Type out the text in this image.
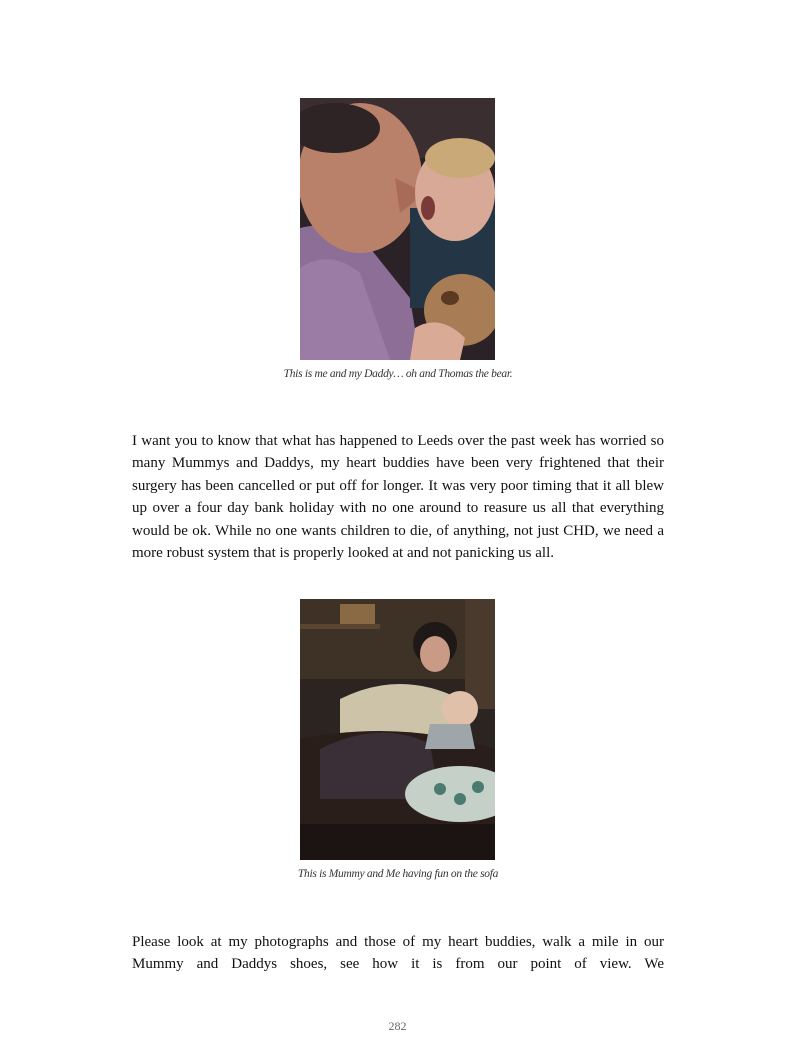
This is me and my Daddy… oh and Thomas the bear.

I want you to know that what has happened to Leeds over the past week has worried so many Mummys and Daddys, my heart buddies have been very frightened that their surgery has been cancelled or put off for longer. It was very poor timing that it all blew up over a four day bank holiday with no one around to reasure us all that everything would be ok. While no one wants children to die, of anything, not just CHD, we need a more robust system that is properly looked at and not panicking us all.

This is Mummy and Me having fun on the sofa

Please look at my photographs and those of my heart buddies, walk a mile in our Mummy and Daddys shoes, see how it is from our point of view. We

282
